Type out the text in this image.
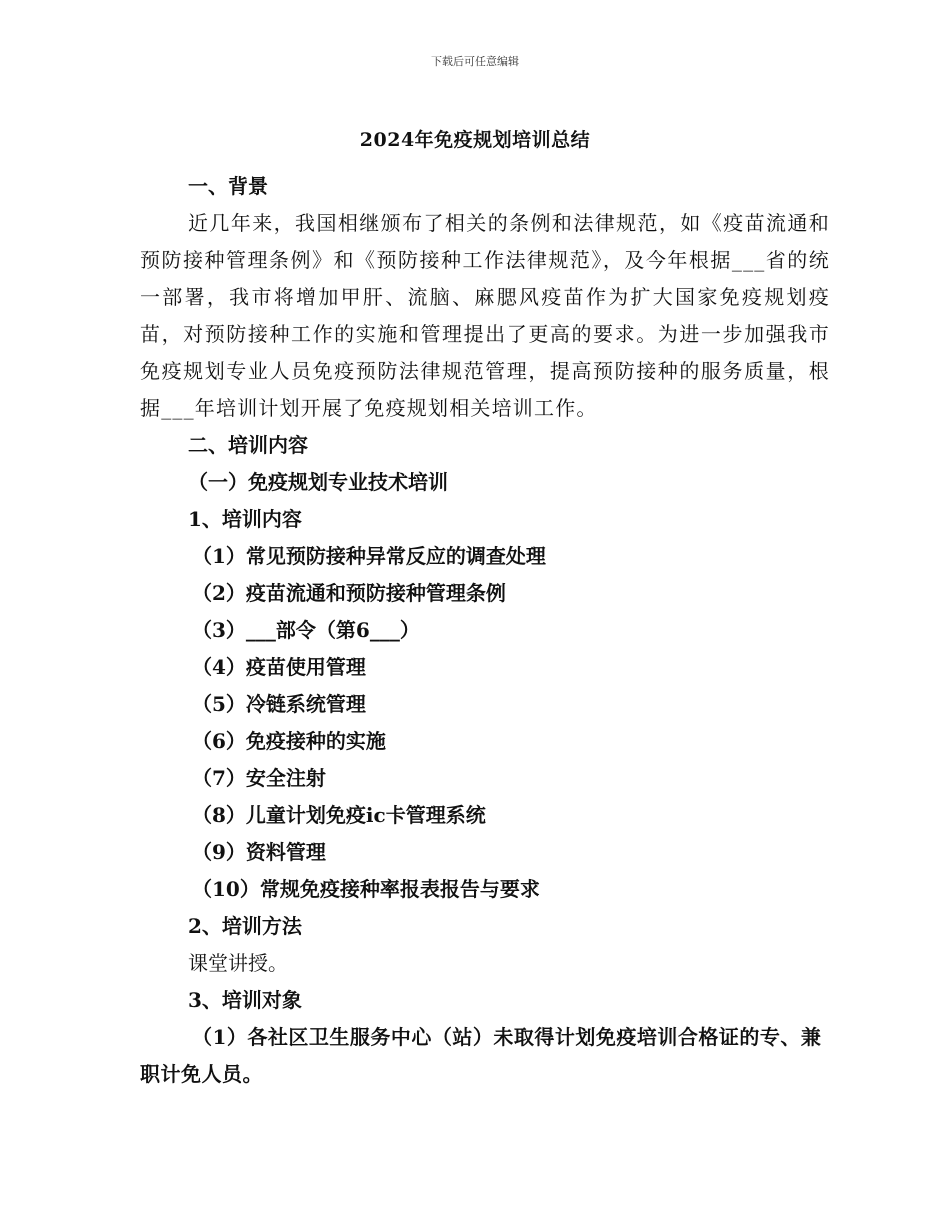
下载后可任意编辑
2024年免疫规划培训总结
一、背景
近几年来，我国相继颁布了相关的条例和法律规范，如《疫苗流通和预防接种管理条例》和《预防接种工作法律规范》，及今年根据___省的统一部署，我市将增加甲肝、流脑、麻腮风疫苗作为扩大国家免疫规划疫苗，对预防接种工作的实施和管理提出了更高的要求。为进一步加强我市免疫规划专业人员免疫预防法律规范管理，提高预防接种的服务质量，根据___年培训计划开展了免疫规划相关培训工作。
二、培训内容
（一）免疫规划专业技术培训
1、培训内容
（1）常见预防接种异常反应的调查处理
（2）疫苗流通和预防接种管理条例
（3）___部令（第6___）
（4）疫苗使用管理
（5）冷链系统管理
（6）免疫接种的实施
（7）安全注射
（8）儿童计划免疫ic卡管理系统
（9）资料管理
（10）常规免疫接种率报表报告与要求
2、培训方法
课堂讲授。
3、培训对象
（1）各社区卫生服务中心（站）未取得计划免疫培训合格证的专、兼职计免人员。
